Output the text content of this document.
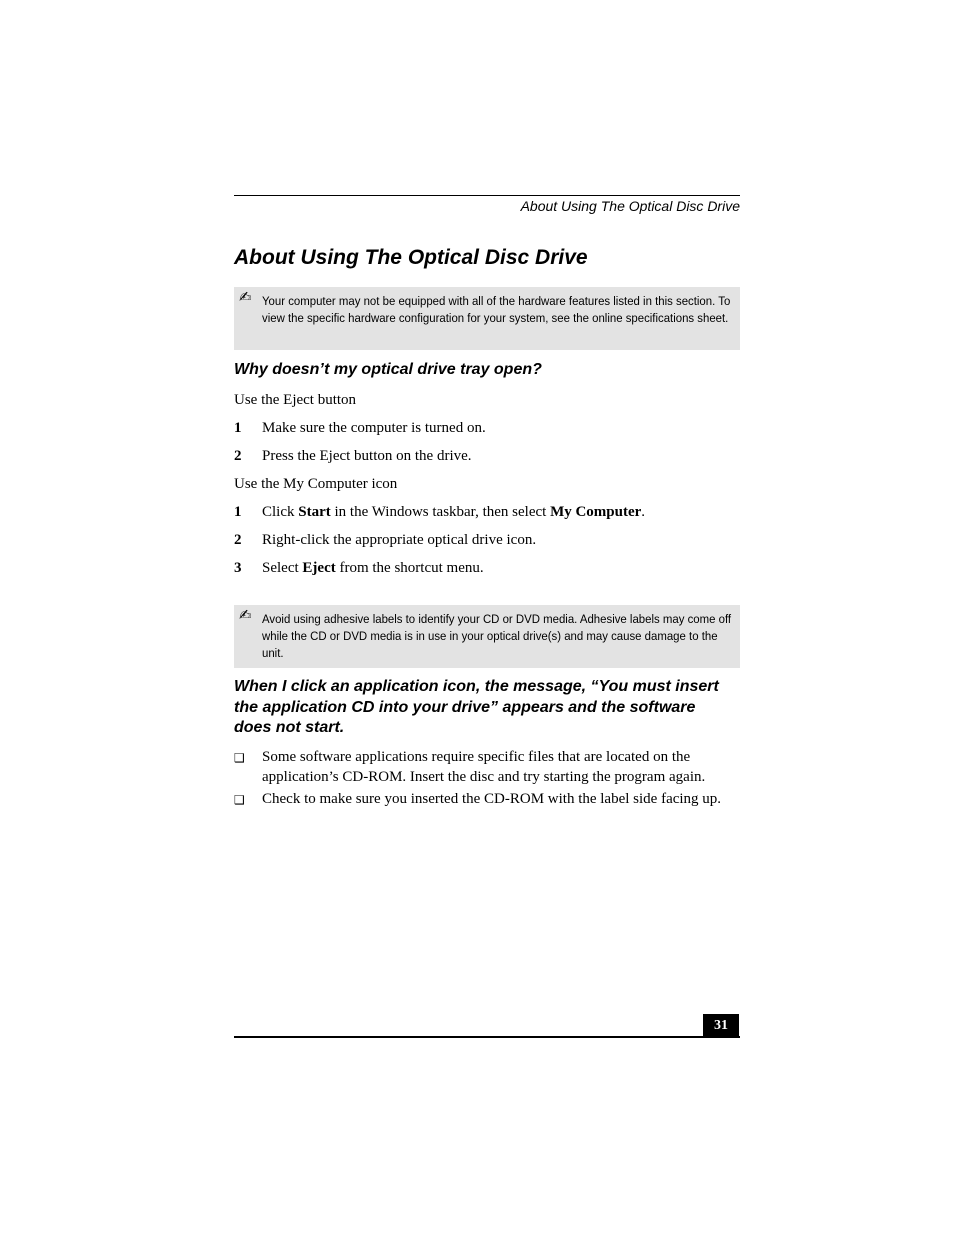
About Using The Optical Disc Drive
About Using The Optical Disc Drive
✍ Your computer may not be equipped with all of the hardware features listed in this section. To view the specific hardware configuration for your system, see the online specifications sheet.
Why doesn’t my optical drive tray open?
Use the Eject button
1 Make sure the computer is turned on.
2 Press the Eject button on the drive.
Use the My Computer icon
1 Click Start in the Windows taskbar, then select My Computer.
2 Right-click the appropriate optical drive icon.
3 Select Eject from the shortcut menu.
✍ Avoid using adhesive labels to identify your CD or DVD media. Adhesive labels may come off while the CD or DVD media is in use in your optical drive(s) and may cause damage to the unit.
When I click an application icon, the message, “You must insert the application CD into your drive” appears and the software does not start.
❑ Some software applications require specific files that are located on the application’s CD-ROM. Insert the disc and try starting the program again.
❑ Check to make sure you inserted the CD-ROM with the label side facing up.
31
